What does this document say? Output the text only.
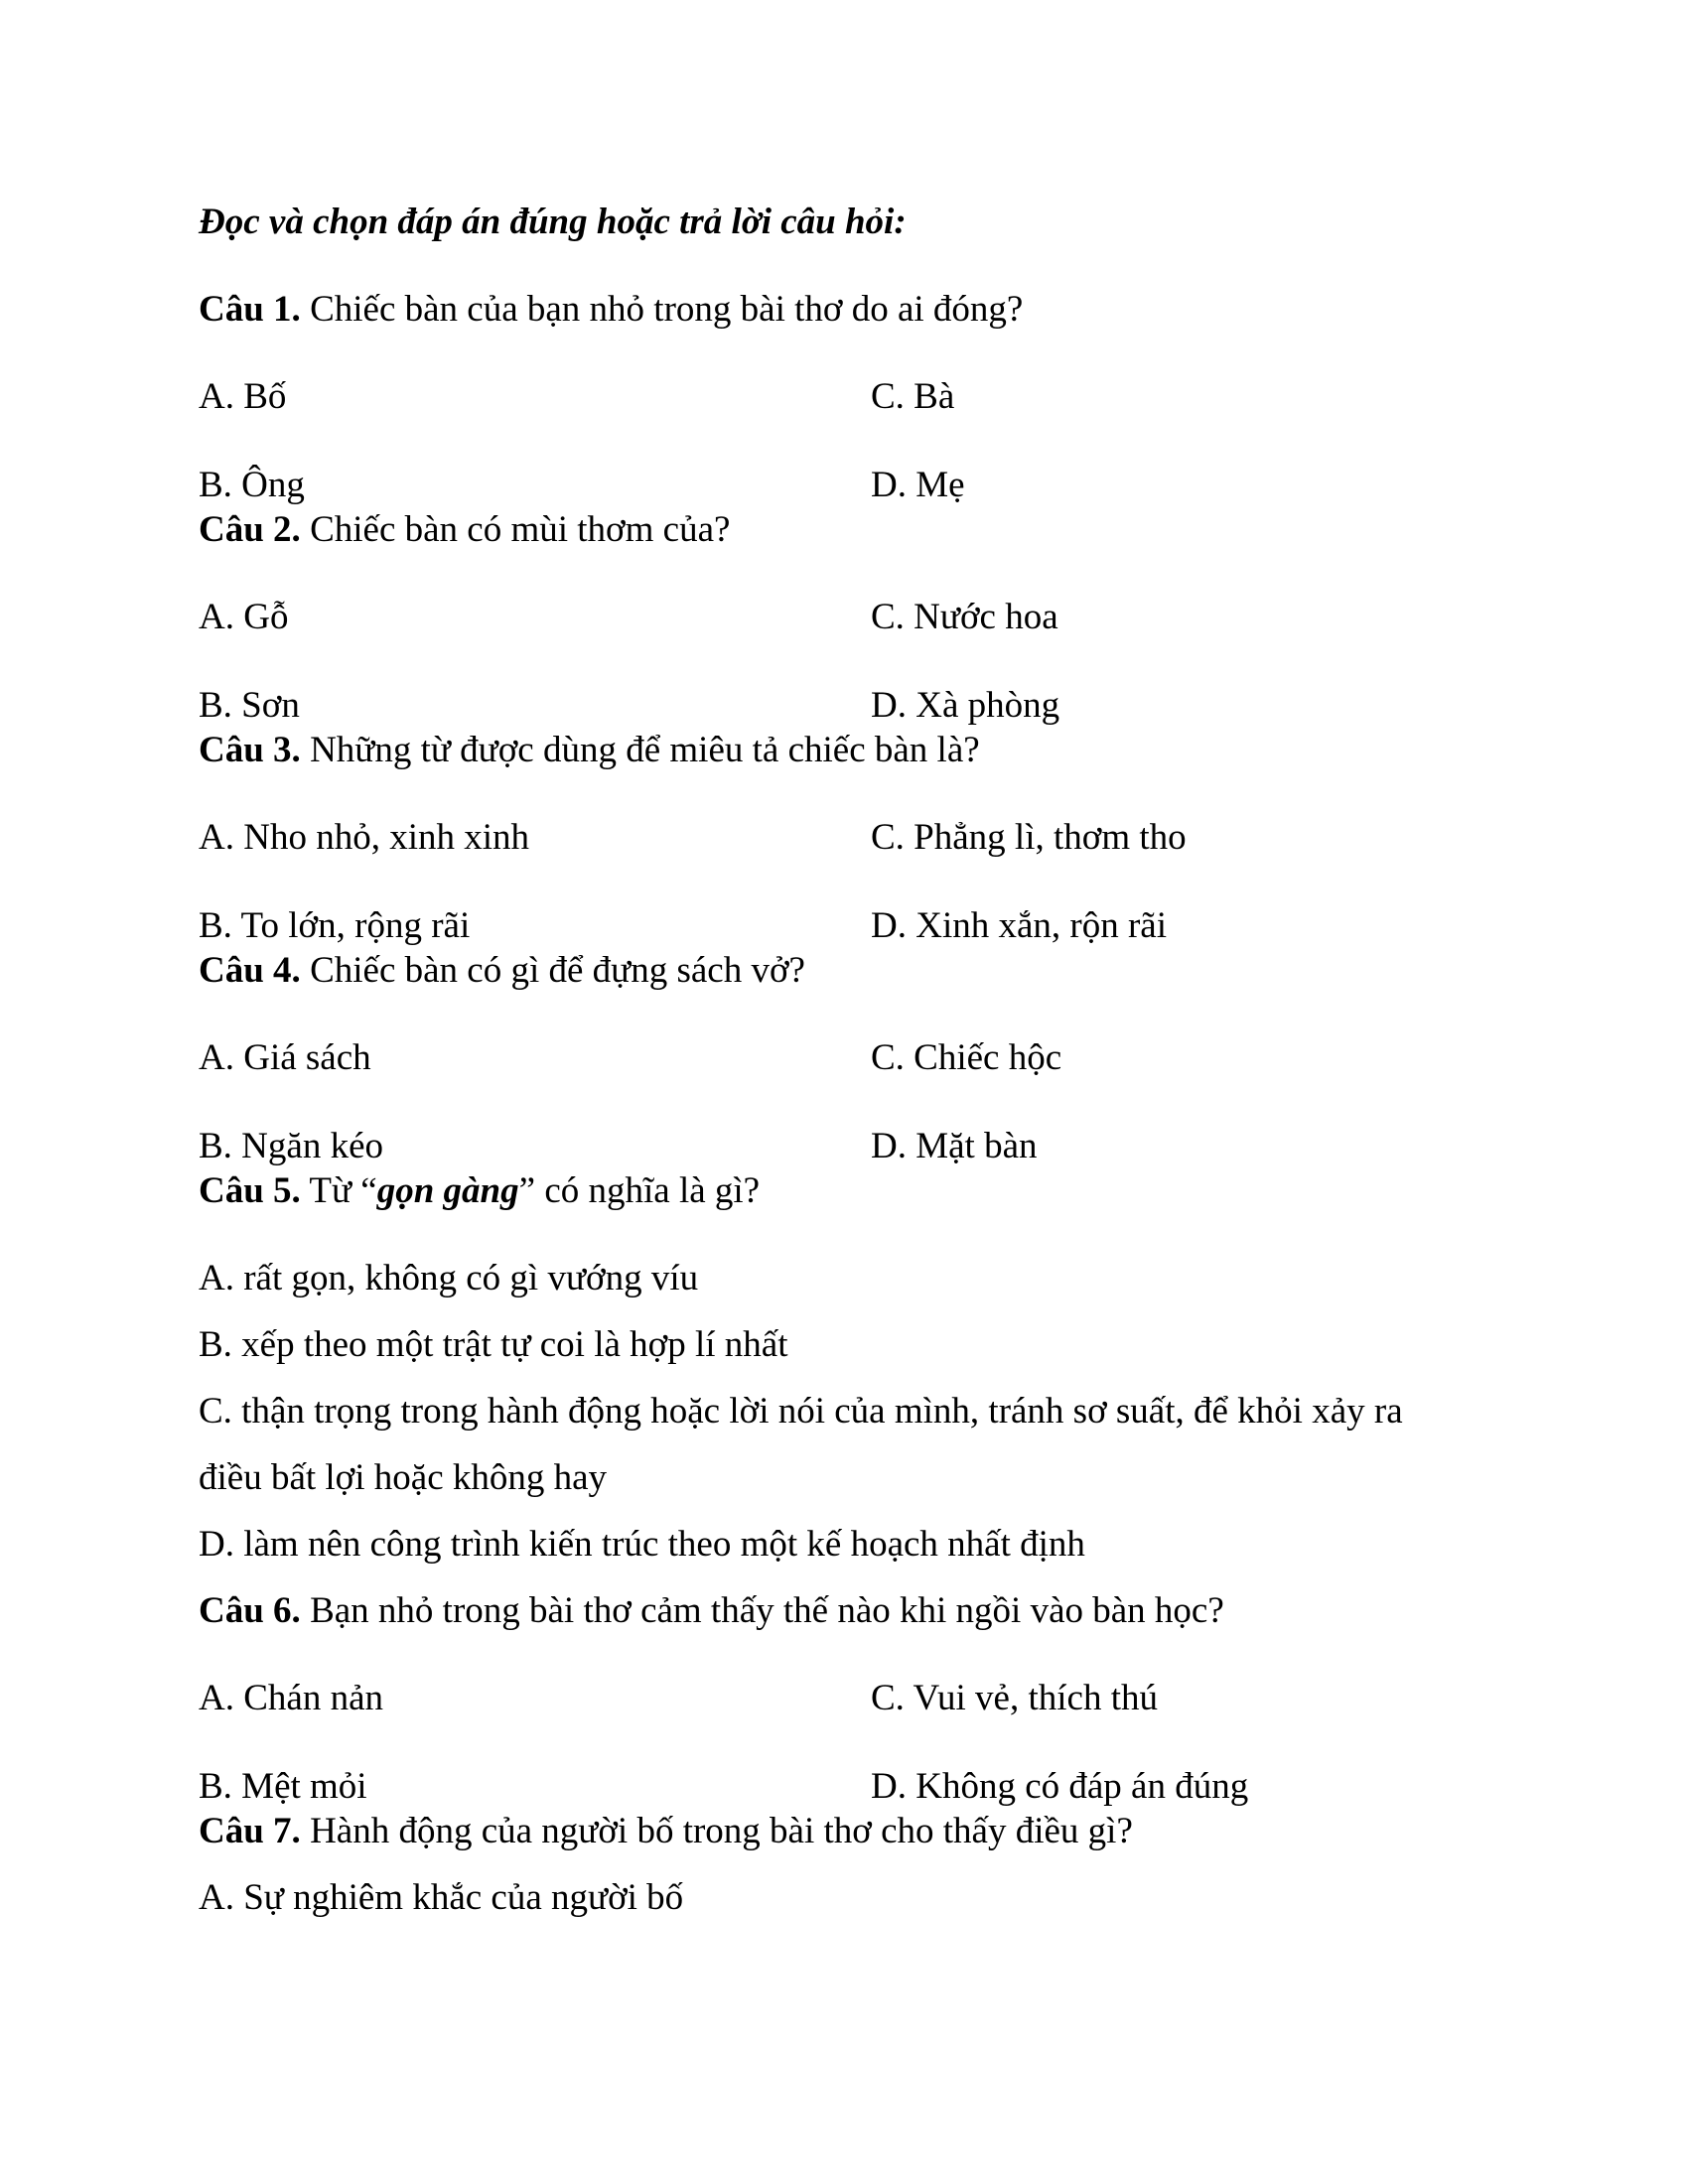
Đọc và chọn đáp án đúng hoặc trả lời câu hỏi:
Câu 1. Chiếc bàn của bạn nhỏ trong bài thơ do ai đóng?
A. Bố	C. Bà
B. Ông	D. Mẹ
Câu 2. Chiếc bàn có mùi thơm của?
A. Gỗ	C. Nước hoa
B. Sơn	D. Xà phòng
Câu 3. Những từ được dùng để miêu tả chiếc bàn là?
A. Nho nhỏ, xinh xinh	C. Phẳng lì, thơm tho
B. To lớn, rộng rãi	D. Xinh xắn, rộn rãi
Câu 4. Chiếc bàn có gì để đựng sách vở?
A. Giá sách	C. Chiếc hộc
B. Ngăn kéo	D. Mặt bàn
Câu 5. Từ “gọn gàng” có nghĩa là gì?
A. rất gọn, không có gì vướng víu
B. xếp theo một trật tự coi là hợp lí nhất
C. thận trọng trong hành động hoặc lời nói của mình, tránh sơ suất, để khỏi xảy ra
điều bất lợi hoặc không hay
D. làm nên công trình kiến trúc theo một kế hoạch nhất định
Câu 6. Bạn nhỏ trong bài thơ cảm thấy thế nào khi ngồi vào bàn học?
A. Chán nản	C. Vui vẻ, thích thú
B. Mệt mỏi	D. Không có đáp án đúng
Câu 7. Hành động của người bố trong bài thơ cho thấy điều gì?
A. Sự nghiêm khắc của người bố
